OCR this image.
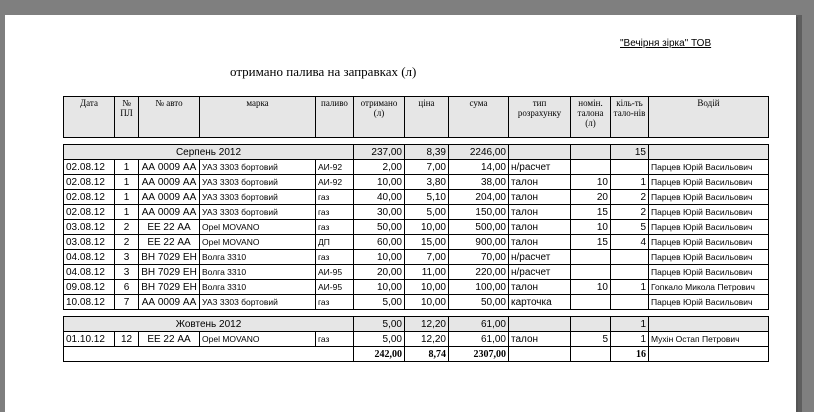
"Вечірня зірка" ТОВ
отримано палива на заправках (л)
Дата	№ ПЛ	№ авто	марка	паливо	отримано (л)	ціна	сума	тип розрахунку	номін. талона (л)	кіль-ть тало-нів	Водій

Серпень 2012					237,00	8,39	2246,00			15	
02.08.12	1	АА 0009 АА	УАЗ 3303 бортовий	АИ-92	2,00	7,00	14,00	н/расчет			Парцев Юрій Васильович
02.08.12	1	АА 0009 АА	УАЗ 3303 бортовий	АИ-92	10,00	3,80	38,00	талон	10	1	Парцев Юрій Васильович
02.08.12	1	АА 0009 АА	УАЗ 3303 бортовий	газ	40,00	5,10	204,00	талон	20	2	Парцев Юрій Васильович
02.08.12	1	АА 0009 АА	УАЗ 3303 бортовий	газ	30,00	5,00	150,00	талон	15	2	Парцев Юрій Васильович
03.08.12	2	ЕЕ 22 АА	Opel MOVANO	газ	50,00	10,00	500,00	талон	10	5	Парцев Юрій Васильович
03.08.12	2	ЕЕ 22 АА	Opel MOVANO	ДП	60,00	15,00	900,00	талон	15	4	Парцев Юрій Васильович
04.08.12	3	ВН 7029 ЕН	Волга 3310	газ	10,00	7,00	70,00	н/расчет			Парцев Юрій Васильович
04.08.12	3	ВН 7029 ЕН	Волга 3310	АИ-95	20,00	11,00	220,00	н/расчет			Парцев Юрій Васильович
09.08.12	6	ВН 7029 ЕН	Волга 3310	АИ-95	10,00	10,00	100,00	талон	10	1	Гопкало Микола Петрович
10.08.12	7	АА 0009 АА	УАЗ 3303 бортовий	газ	5,00	10,00	50,00	карточка			Парцев Юрій Васильович

Жовтень 2012					5,00	12,20	61,00			1	
01.10.12	12	ЕЕ 22 АА	Opel MOVANO	газ	5,00	12,20	61,00	талон	5	1	Мухін Остап Петрович
					242,00	8,74	2307,00			16	
